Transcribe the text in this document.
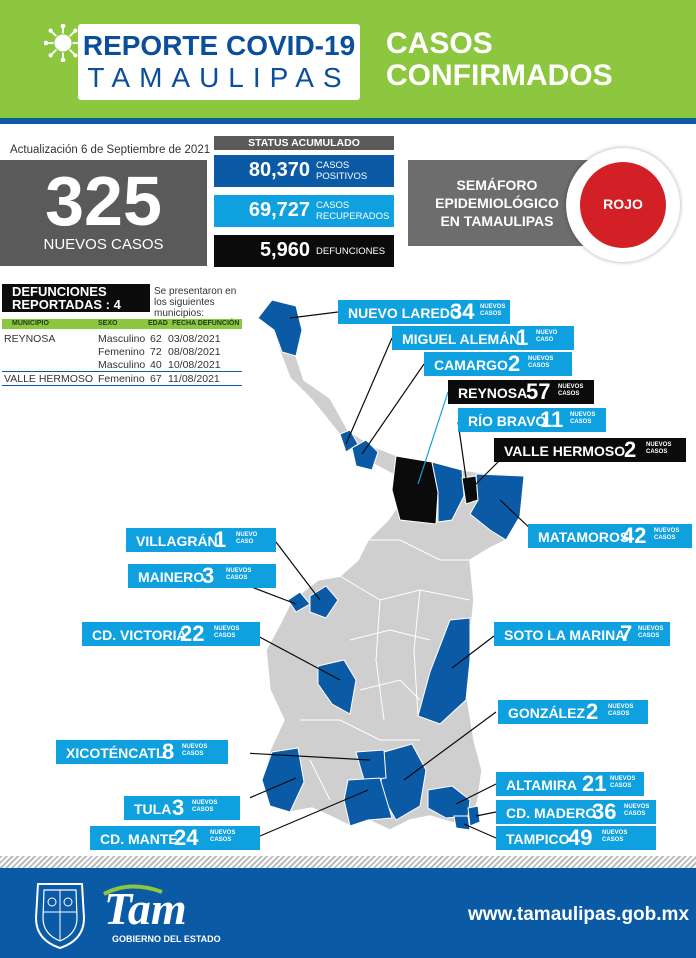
REPORTE COVID-19
TAMAULIPAS
CASOS
CONFIRMADOS
Actualización 6 de Septiembre de 2021
325
NUEVOS CASOS
STATUS ACUMULADO
80,370 CASOS
POSITIVOS
69,727 CASOS
RECUPERADOS
5,960 DEFUNCIONES
SEMÁFORO
EPIDEMIOLÓGICO
EN TAMAULIPAS
ROJO
DEFUNCIONES
REPORTADAS : 4
Se presentaron en los siguientes municipios:
MUNICIPIO	SEXO	EDAD FECHA DEFUNCIÓN
REYNOSA	Masculino 62 03/08/2021
Femenino 72 08/08/2021
Masculino 40 10/08/2021
VALLE HERMOSO Femenino 67 11/08/2021
NUEVO LAREDO
34 NUEVOS
CASOS
MIGUEL ALEMÁN
1 NUEVO
CASO
CAMARGO 2 NUEVOS
CASOS
REYNOSA
57 NUEVOS
CASOS
RÍO BRAVO
11 NUEVOS
CASOS
VALLE HERMOSO
2 NUEVOS
CASOS
MATAMOROS
42 NUEVOS
CASOS
VILLAGRÁN
1 NUEVO
CASO
MAINERO
3 NUEVOS
CASOS
CD. VICTORIA
22 NUEVOS
CASOS	SOTO LA MARINA
7 NUEVOS
CASOS
GONZÁLEZ 2 NUEVOS
CASOS
XICOTÉNCATL
8 NUEVOS
CASOS
ALTAMIRA 21 NUEVOS
CASOS
TULA 3 NUEVOS
CASOS	CD. MADERO
36 NUEVOS
CASOS
CD. MANTE
24 NUEVOS
CASOS	TAMPICO
49 NUEVOS
CASOS
Tam
GOBIERNO DEL ESTADO
www.tamaulipas.gob.mx
